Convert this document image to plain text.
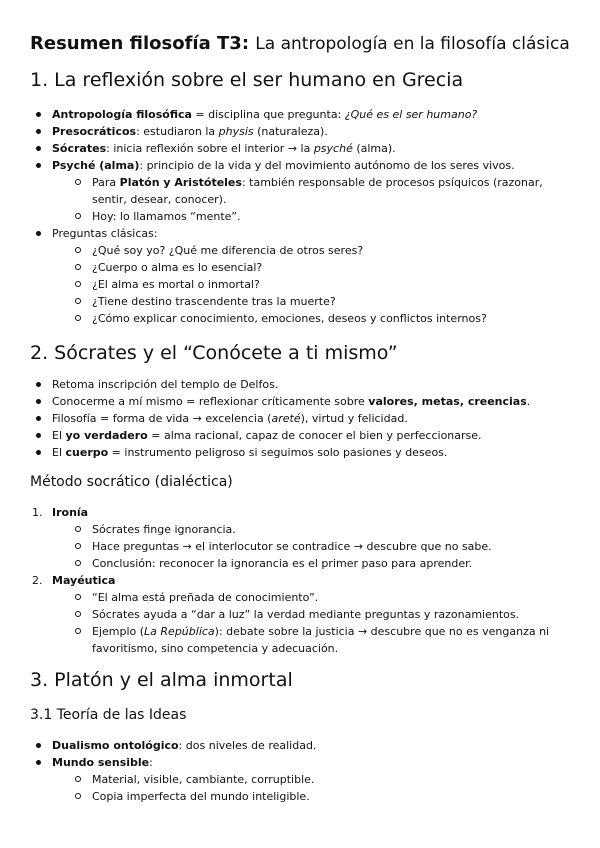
Resumen filosofía T3: La antropología en la filosofía clásica
1. La reflexión sobre el ser humano en Grecia
Antropología filosófica = disciplina que pregunta: ¿Qué es el ser humano?
Presocráticos: estudiaron la physis (naturaleza).
Sócrates: inicia reflexión sobre el interior → la psyché (alma).
Psyché (alma): principio de la vida y del movimiento autónomo de los seres vivos.
Para Platón y Aristóteles: también responsable de procesos psíquicos (razonar, sentir, desear, conocer).
Hoy: lo llamamos “mente”.
Preguntas clásicas:
¿Qué soy yo? ¿Qué me diferencia de otros seres?
¿Cuerpo o alma es lo esencial?
¿El alma es mortal o inmortal?
¿Tiene destino trascendente tras la muerte?
¿Cómo explicar conocimiento, emociones, deseos y conflictos internos?
2. Sócrates y el “Conócete a ti mismo”
Retoma inscripción del templo de Delfos.
Conocerme a mí mismo = reflexionar críticamente sobre valores, metas, creencias.
Filosofía = forma de vida → excelencia (areté), virtud y felicidad.
El yo verdadero = alma racional, capaz de conocer el bien y perfeccionarse.
El cuerpo = instrumento peligroso si seguimos solo pasiones y deseos.
Método socrático (dialéctica)
1. Ironía
Sócrates finge ignorancia.
Hace preguntas → el interlocutor se contradice → descubre que no sabe.
Conclusión: reconocer la ignorancia es el primer paso para aprender.
2. Mayéutica
“El alma está preñada de conocimiento”.
Sócrates ayuda a “dar a luz” la verdad mediante preguntas y razonamientos.
Ejemplo (La República): debate sobre la justicia → descubre que no es venganza ni favoritismo, sino competencia y adecuación.
3. Platón y el alma inmortal
3.1 Teoría de las Ideas
Dualismo ontológico: dos niveles de realidad.
Mundo sensible:
Material, visible, cambiante, corruptible.
Copia imperfecta del mundo inteligible.
